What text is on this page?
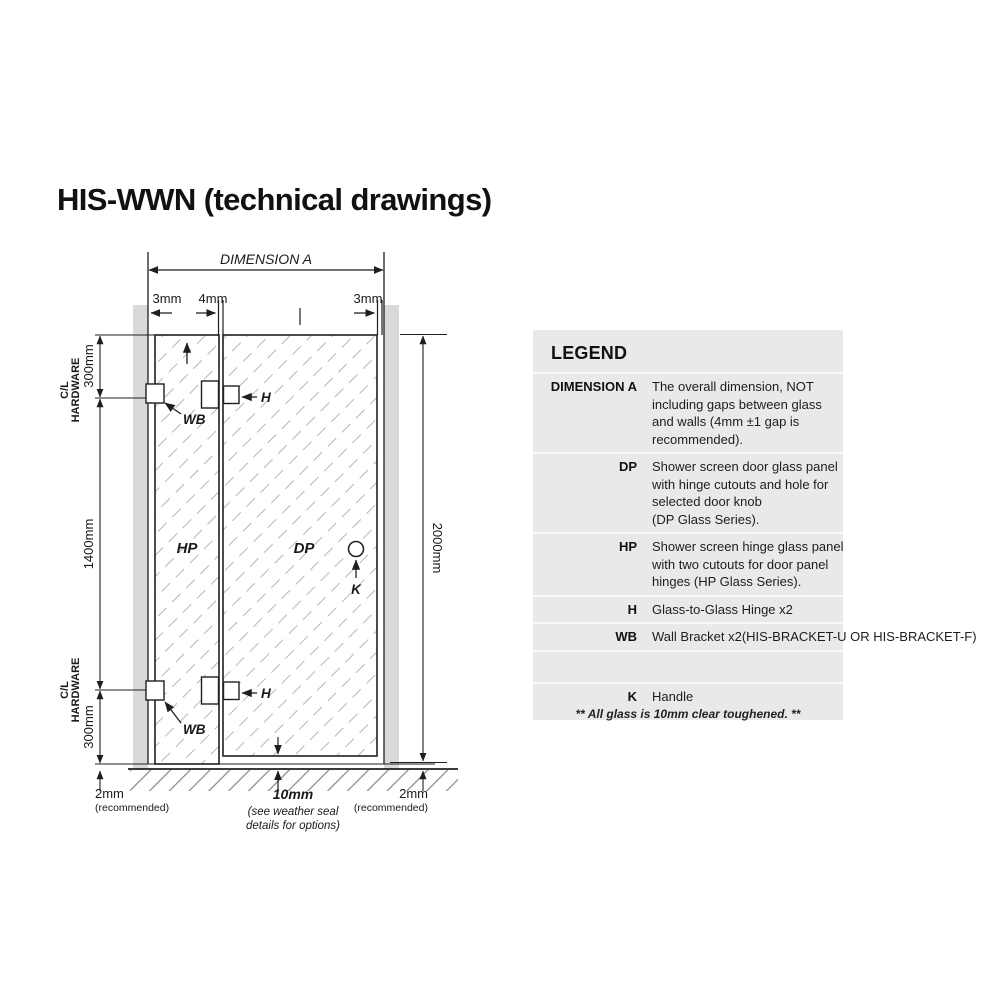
HIS-WWN (technical drawings)
DIMENSION A
3mm 4mm	3mm
C/L HARDWARE 300mm
1400mm
C/L HARDWARE
300mm
2000mm
H
H
WB
WB
HP	DP
K
2mm
(recommended)
10mm
(see weather seal
details for options)
2mm
(recommended)
LEGEND
DIMENSION A The overall dimension, NOT
including gaps between glass
and walls (4mm ±1 gap is
recommended).
DP Shower screen door glass panel
with hinge cutouts and hole for
selected door knob
(DP Glass Series).
HP Shower screen hinge glass panel
with two cutouts for door panel
hinges (HP Glass Series).
H Glass-to-Glass Hinge x2
WB Wall Bracket x2(HIS-BRACKET-U OR HIS-BRACKET-F)
K Handle
** All glass is 10mm clear toughened. **
